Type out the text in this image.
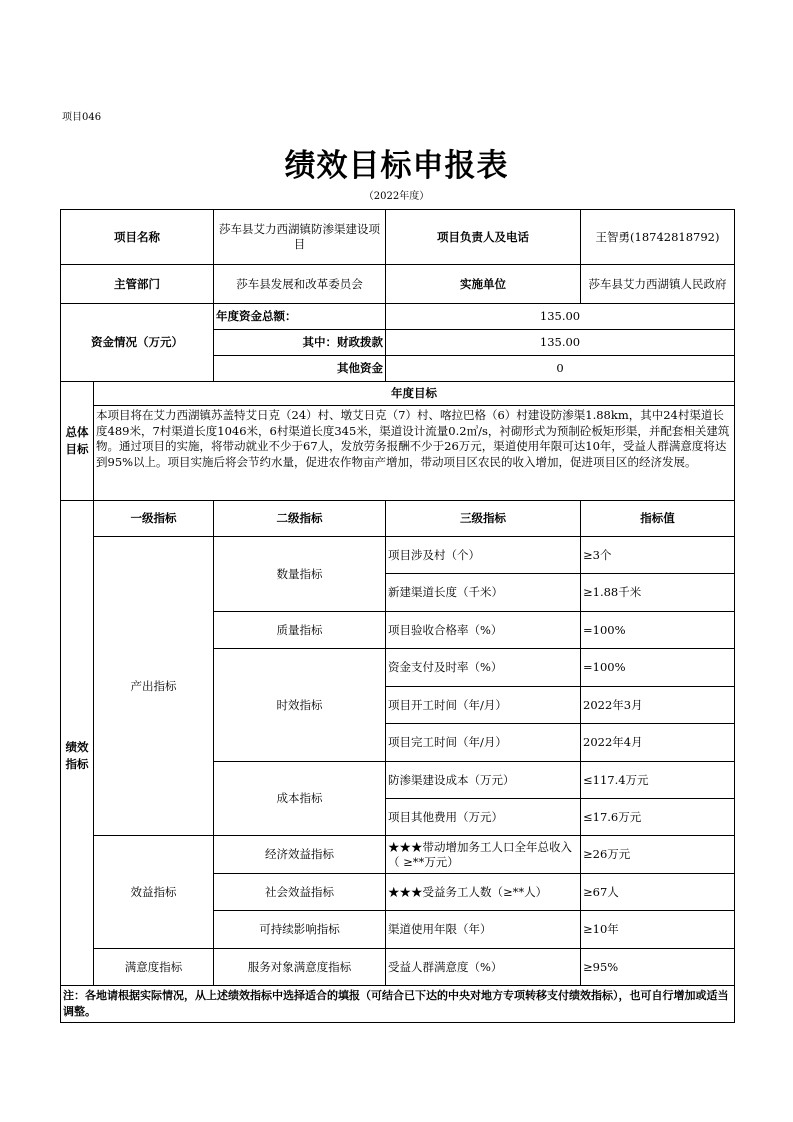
项目046
绩效目标申报表
（2022年度）
项目名称		莎车县艾力西湖镇防渗渠建设项目	项目负责人及电话	王智勇(18742818792)
主管部门		莎车县发展和改革委员会	实施单位	莎车县艾力西湖镇人民政府
资金情况（万元）		年度资金总额：	135.00	
		其中：财政拨款	135.00	
		其他资金	0	
总体目标	年度目标			
	本项目将在艾力西湖镇苏盖特艾日克（24）村、墩艾日克（7）村、喀拉巴格（6）村建设防渗渠1.88km，其中24村渠道长度489米，7村渠道长度1046米，6村渠道长度345米，渠道设计流量0.2㎥/s，衬砌形式为预制砼板矩形渠，并配套相关建筑物。通过项目的实施，将带动就业不少于67人，发放劳务报酬不少于26万元，渠道使用年限可达10年，受益人群满意度将达到95%以上。项目实施后将会节约水量，促进农作物亩产增加，带动项目区农民的收入增加，促进项目区的经济发展。			
绩效指标	一级指标	二级指标	三级指标	指标值
	产出指标	数量指标	项目涉及村（个）	≥3个
			新建渠道长度（千米）	≥1.88千米
		质量指标	项目验收合格率（%）	=100%
		时效指标	资金支付及时率（%）	=100%
			项目开工时间（年/月）	2022年3月
			项目完工时间（年/月）	2022年4月
		成本指标	防渗渠建设成本（万元）	≤117.4万元
			项目其他费用（万元）	≤17.6万元
	效益指标	经济效益指标	★★★带动增加务工人口全年总收入（ ≥**万元）	≥26万元
		社会效益指标	★★★受益务工人数（≥**人）	≥67人
		可持续影响指标	渠道使用年限（年）	≥10年
	满意度指标	服务对象满意度指标	受益人群满意度（%）	≥95%
注：各地请根据实际情况，从上述绩效指标中选择适合的填报（可结合已下达的中央对地方专项转移支付绩效指标），也可自行增加或适当调整。				
